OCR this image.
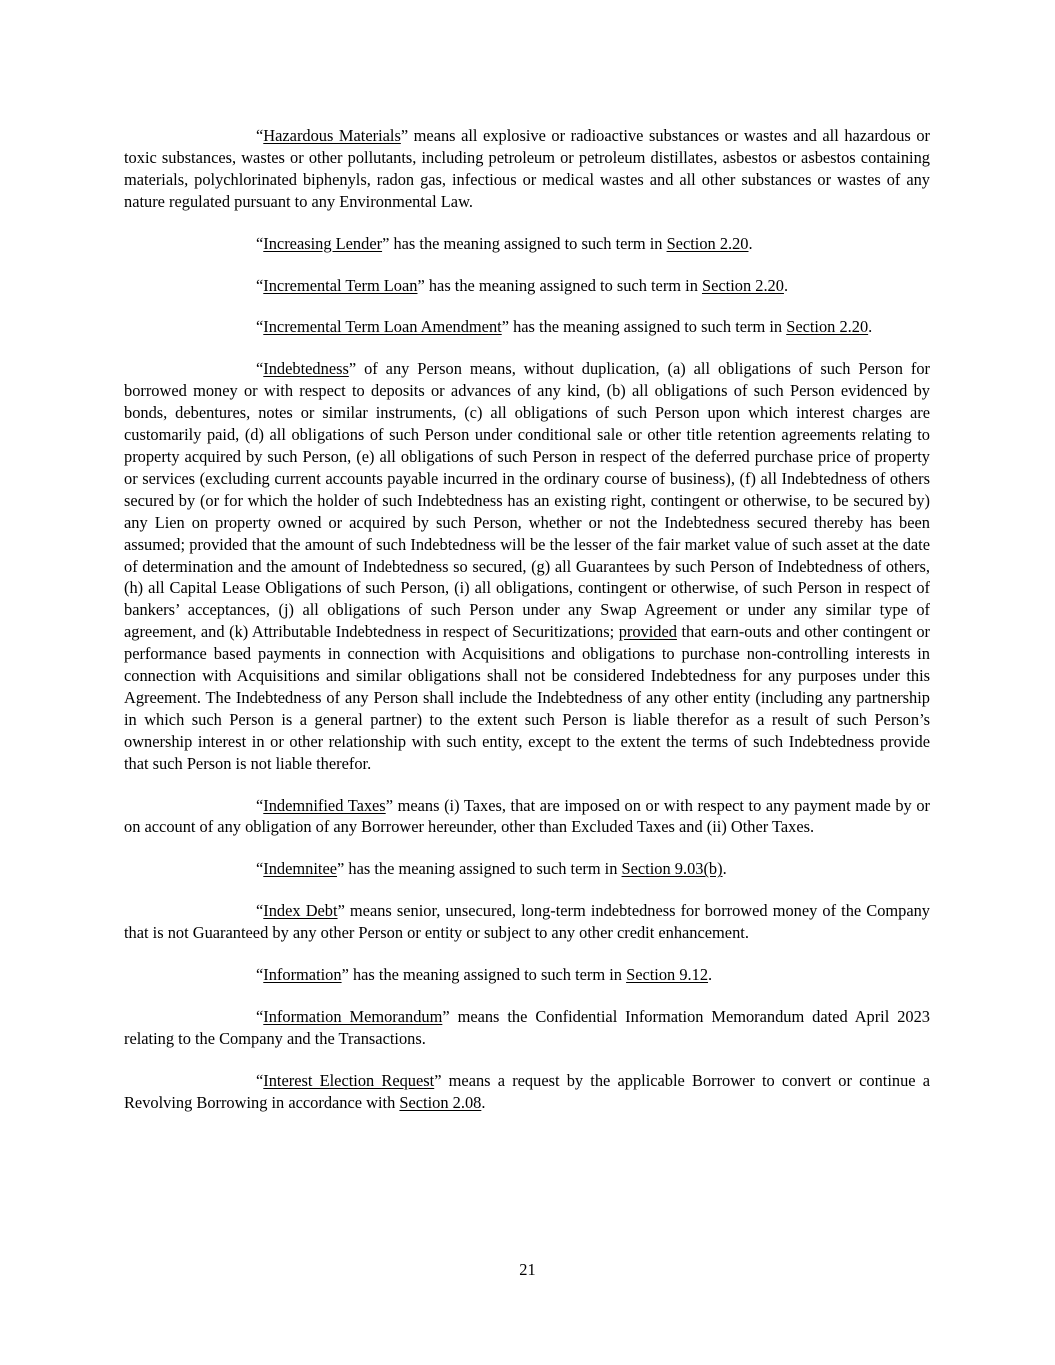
“Hazardous Materials” means all explosive or radioactive substances or wastes and all hazardous or toxic substances, wastes or other pollutants, including petroleum or petroleum distillates, asbestos or asbestos containing materials, polychlorinated biphenyls, radon gas, infectious or medical wastes and all other substances or wastes of any nature regulated pursuant to any Environmental Law.

“Increasing Lender” has the meaning assigned to such term in Section 2.20.

“Incremental Term Loan” has the meaning assigned to such term in Section 2.20.

“Incremental Term Loan Amendment” has the meaning assigned to such term in Section 2.20.

“Indebtedness” of any Person means, without duplication, (a) all obligations of such Person for borrowed money or with respect to deposits or advances of any kind, (b) all obligations of such Person evidenced by bonds, debentures, notes or similar instruments, (c) all obligations of such Person upon which interest charges are customarily paid, (d) all obligations of such Person under conditional sale or other title retention agreements relating to property acquired by such Person, (e) all obligations of such Person in respect of the deferred purchase price of property or services (excluding current accounts payable incurred in the ordinary course of business), (f) all Indebtedness of others secured by (or for which the holder of such Indebtedness has an existing right, contingent or otherwise, to be secured by) any Lien on property owned or acquired by such Person, whether or not the Indebtedness secured thereby has been assumed; provided that the amount of such Indebtedness will be the lesser of the fair market value of such asset at the date of determination and the amount of Indebtedness so secured, (g) all Guarantees by such Person of Indebtedness of others, (h) all Capital Lease Obligations of such Person, (i) all obligations, contingent or otherwise, of such Person in respect of bankers’ acceptances, (j) all obligations of such Person under any Swap Agreement or under any similar type of agreement, and (k) Attributable Indebtedness in respect of Securitizations; provided that earn-outs and other contingent or performance based payments in connection with Acquisitions and obligations to purchase non-controlling interests in connection with Acquisitions and similar obligations shall not be considered Indebtedness for any purposes under this Agreement. The Indebtedness of any Person shall include the Indebtedness of any other entity (including any partnership in which such Person is a general partner) to the extent such Person is liable therefor as a result of such Person’s ownership interest in or other relationship with such entity, except to the extent the terms of such Indebtedness provide that such Person is not liable therefor.

“Indemnified Taxes” means (i) Taxes, that are imposed on or with respect to any payment made by or on account of any obligation of any Borrower hereunder, other than Excluded Taxes and (ii) Other Taxes.

“Indemnitee” has the meaning assigned to such term in Section 9.03(b).

“Index Debt” means senior, unsecured, long-term indebtedness for borrowed money of the Company that is not Guaranteed by any other Person or entity or subject to any other credit enhancement.

“Information” has the meaning assigned to such term in Section 9.12.

“Information Memorandum” means the Confidential Information Memorandum dated April 2023 relating to the Company and the Transactions.

“Interest Election Request” means a request by the applicable Borrower to convert or continue a Revolving Borrowing in accordance with Section 2.08.

21
